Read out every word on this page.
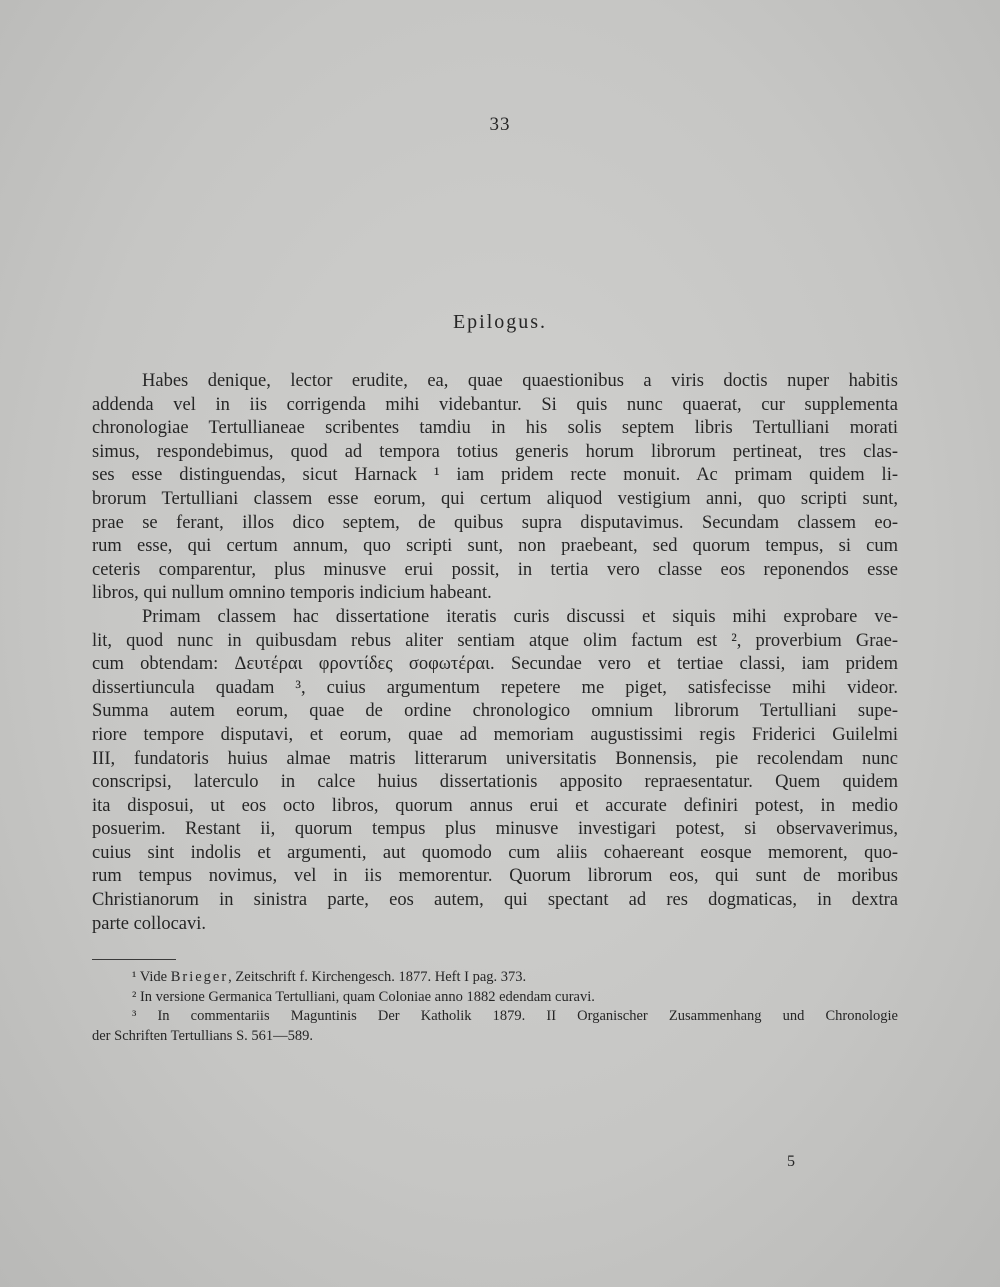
33
Epilogus.
Habes denique, lector erudite, ea, quae quaestionibus a viris doctis nuper habitis
addenda vel in iis corrigenda mihi videbantur. Si quis nunc quaerat, cur supplementa
chronologiae Tertullianeae scribentes tamdiu in his solis septem libris Tertulliani morati
simus, respondebimus, quod ad tempora totius generis horum librorum pertineat, tres clas-
ses esse distinguendas, sicut Harnack ¹ iam pridem recte monuit. Ac primam quidem li-
brorum Tertulliani classem esse eorum, qui certum aliquod vestigium anni, quo scripti sunt,
prae se ferant, illos dico septem, de quibus supra disputavimus. Secundam classem eo-
rum esse, qui certum annum, quo scripti sunt, non praebeant, sed quorum tempus, si cum
ceteris comparentur, plus minusve erui possit, in tertia vero classe eos reponendos esse
libros, qui nullum omnino temporis indicium habeant.
Primam classem hac dissertatione iteratis curis discussi et siquis mihi exprobare ve-
lit, quod nunc in quibusdam rebus aliter sentiam atque olim factum est ², proverbium Grae-
cum obtendam: Δευτέραι φροντίδες σοφωτέραι. Secundae vero et tertiae classi, iam pridem
dissertiuncula quadam ³, cuius argumentum repetere me piget, satisfecisse mihi videor.
Summa autem eorum, quae de ordine chronologico omnium librorum Tertulliani supe-
riore tempore disputavi, et eorum, quae ad memoriam augustissimi regis Friderici Guilelmi
III, fundatoris huius almae matris litterarum universitatis Bonnensis, pie recolendam nunc
conscripsi, laterculo in calce huius dissertationis apposito repraesentatur. Quem quidem
ita disposui, ut eos octo libros, quorum annus erui et accurate definiri potest, in medio
posuerim. Restant ii, quorum tempus plus minusve investigari potest, si observaverimus,
cuius sint indolis et argumenti, aut quomodo cum aliis cohaereant eosque memorent, quo-
rum tempus novimus, vel in iis memorentur. Quorum librorum eos, qui sunt de moribus
Christianorum in sinistra parte, eos autem, qui spectant ad res dogmaticas, in dextra
parte collocavi.
¹ Vide Brieger, Zeitschrift f. Kirchengesch. 1877. Heft I pag. 373.
² In versione Germanica Tertulliani, quam Coloniae anno 1882 edendam curavi.
³ In commentariis Maguntinis Der Katholik 1879. II Organischer Zusammenhang und Chronologie
der Schriften Tertullians S. 561—589.
5
